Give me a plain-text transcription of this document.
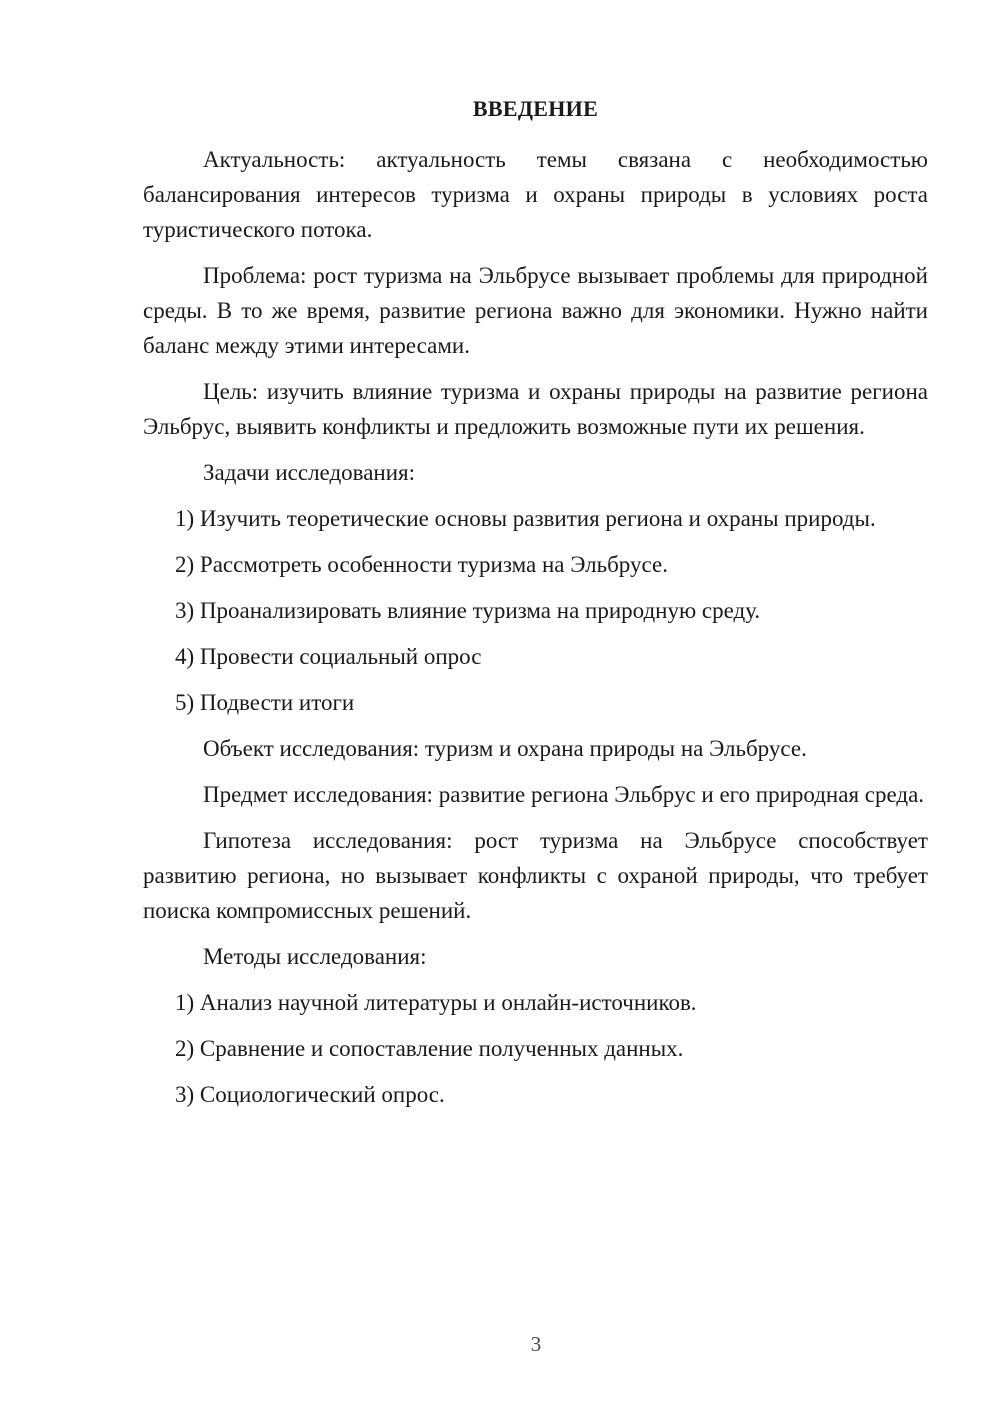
ВВЕДЕНИЕ

Актуальность: актуальность темы связана с необходимостью балансирования интересов туризма и охраны природы в условиях роста туристического потока.

Проблема: рост туризма на Эльбрусе вызывает проблемы для природной среды. В то же время, развитие региона важно для экономики. Нужно найти баланс между этими интересами.

Цель: изучить влияние туризма и охраны природы на развитие региона Эльбрус, выявить конфликты и предложить возможные пути их решения.

Задачи исследования:

1) Изучить теоретические основы развития региона и охраны природы.

2) Рассмотреть особенности туризма на Эльбрусе.

3) Проанализировать влияние туризма на природную среду.

4) Провести социальный опрос

5) Подвести итоги

Объект исследования: туризм и охрана природы на Эльбрусе.

Предмет исследования: развитие региона Эльбрус и его природная среда.

Гипотеза исследования: рост туризма на Эльбрусе способствует развитию региона, но вызывает конфликты с охраной природы, что требует поиска компромиссных решений.

Методы исследования:

1) Анализ научной литературы и онлайн-источников.

2) Сравнение и сопоставление полученных данных.

3) Социологический опрос.

3
